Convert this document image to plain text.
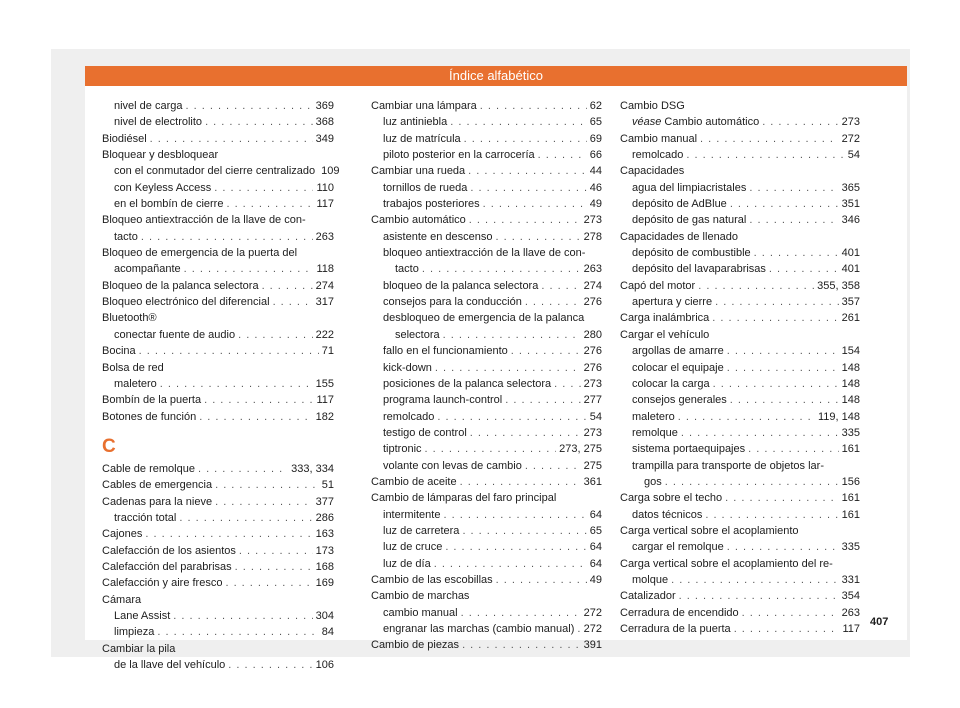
Índice alfabético
nivel de carga . . .	369
nivel de electrolito . . .	368
Biodiésel . . .	349
Bloquear y desbloquear
con el conmutador del cierre centralizado 109
con Keyless Access . . .	110
en el bombín de cierre . . .	117
Bloqueo antiextracción de la llave de con-
tacto . . .	263
Bloqueo de emergencia de la puerta del
acompañante . . .	118
Bloqueo de la palanca selectora . . .	274
Bloqueo electrónico del diferencial . . .	317
Bluetooth®
conectar fuente de audio . . .	222
Bocina . . .	71
Bolsa de red
maletero . . .	155
Bombín de la puerta . . .	117
Botones de función . . .	182
C
Cable de remolque . . .	333, 334
Cables de emergencia . . .	51
Cadenas para la nieve . . .	377
tracción total . . .	286
Cajones . . .	163
Calefacción de los asientos . . .	173
Calefacción del parabrisas . . .	168
Calefacción y aire fresco . . .	169
Cámara
Lane Assist . . .	304
limpieza . . .	84
Cambiar la pila
de la llave del vehículo . . .	106
Cambiar una lámpara . . .	62
luz antiniebla . . .	65
luz de matrícula . . .	69
piloto posterior en la carrocería . . .	66
Cambiar una rueda . . .	44
tornillos de rueda . . .	46
trabajos posteriores . . .	49
Cambio automático . . .	273
asistente en descenso . . .	278
bloqueo antiextracción de la llave de con-
tacto . . .	263
bloqueo de la palanca selectora . . .	274
consejos para la conducción . . .	276
desbloqueo de emergencia de la palanca
selectora . . .	280
fallo en el funcionamiento . . .	276
kick-down . . .	276
posiciones de la palanca selectora . . .	273
programa launch-control . . .	277
remolcado . . .	54
testigo de control . . .	273
tiptronic . . .	273, 275
volante con levas de cambio . . .	275
Cambio de aceite . . .	361
Cambio de lámparas del faro principal
intermitente . . .	64
luz de carretera . . .	65
luz de cruce . . .	64
luz de día . . .	64
Cambio de las escobillas . . .	49
Cambio de marchas
cambio manual . . .	272
engranar las marchas (cambio manual) . . . 272
Cambio de piezas . . .	391
Cambio DSG
véase Cambio automático . . .	273
Cambio manual . . .	272
remolcado . . .	54
Capacidades
agua del limpiacristales . . .	365
depósito de AdBlue . . .	351
depósito de gas natural . . .	346
Capacidades de llenado
depósito de combustible . . .	401
depósito del lavaparabrisas . . .	401
Capó del motor . . .	355, 358
apertura y cierre . . .	357
Carga inalámbrica . . .	261
Cargar el vehículo
argollas de amarre . . .	154
colocar el equipaje . . .	148
colocar la carga . . .	148
consejos generales . . .	148
maletero . . .	119, 148
remolque . . .	335
sistema portaequipajes . . .	161
trampilla para transporte de objetos lar-
gos . . .	156
Carga sobre el techo . . .	161
datos técnicos . . .	161
Carga vertical sobre el acoplamiento
cargar el remolque . . .	335
Carga vertical sobre el acoplamiento del re-
molque . . .	331
Catalizador . . .	354
Cerradura de encendido . . .	263
Cerradura de la puerta . . .	117
407
